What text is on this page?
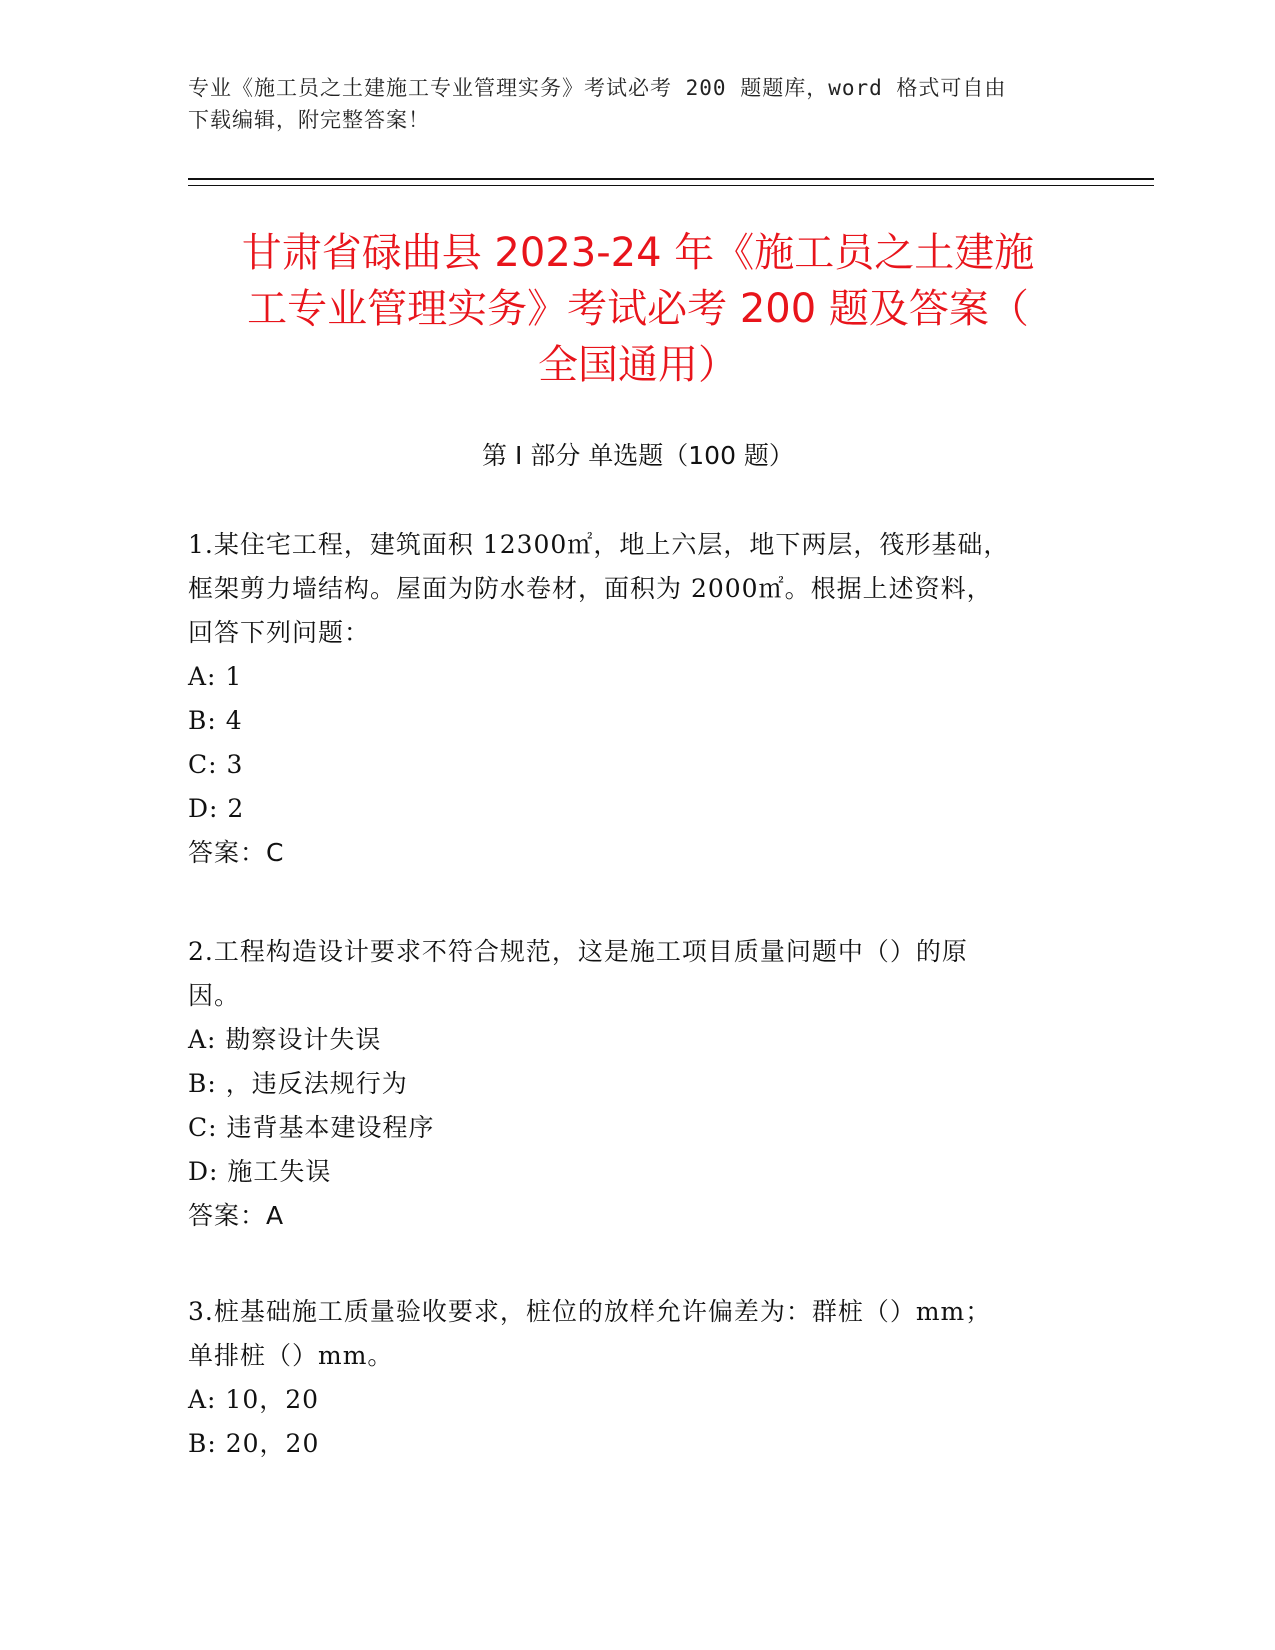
专业《施工员之土建施工专业管理实务》考试必考 200 题题库，word 格式可自由
下载编辑，附完整答案！
甘肃省碌曲县 2023-24 年《施工员之土建施
工专业管理实务》考试必考 200 题及答案（
全国通用）
第 I 部分 单选题（100 题）

1.某住宅工程，建筑面积 12300㎡，地上六层，地下两层，筏形基础，

框架剪力墙结构。屋面为防水卷材，面积为 2000㎡。根据上述资料，

回答下列问题：

A: 1

B: 4

C: 3

D: 2

答案：C

2.工程构造设计要求不符合规范，这是施工项目质量问题中（）的原

因。

A: 勘察设计失误

B: ，违反法规行为

C: 违背基本建设程序

D: 施工失误

答案：A

3.桩基础施工质量验收要求，桩位的放样允许偏差为：群桩（）mm；

单排桩（）mm。

A: 10，20

B: 20，20
